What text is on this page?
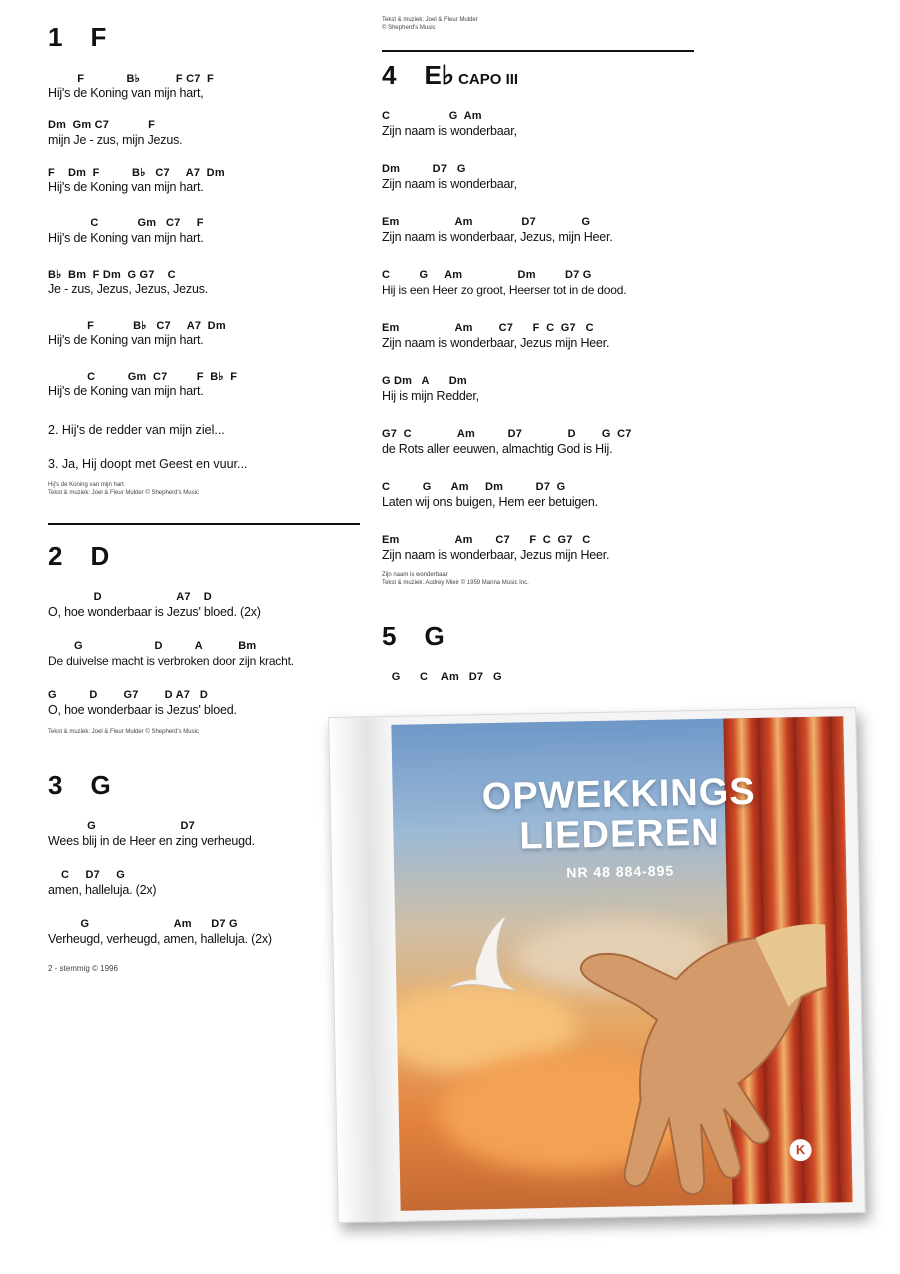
1 F
F             B♭           F C7  F
Hij's de Koning van mijn hart,
Dm  Gm C7            F
mijn Je - zus, mijn Jezus.
F    Dm  F          B♭   C7     A7  Dm
Hij's de Koning van mijn hart.
C            Gm   C7     F
Hij's de Koning van mijn hart.
B♭  Bm  F Dm  G G7    C
Je - zus, Jezus, Jezus, Jezus.
F            B♭   C7     A7  Dm
Hij's de Koning van mijn hart.
C          Gm  C7         F  B♭  F
Hij's de Koning van mijn hart.
2. Hij's de redder van mijn ziel...
3. Ja, Hij doopt met Geest en vuur...
Hij's de Koning van mijn hart
Tekst & muziek: Joel & Fleur Mulder © Shepherd's Music
2 D
D                       A7    D
O, hoe wonderbaar is Jezus' bloed. (2x)
G                      D          A           Bm
De duivelse macht is verbroken door zijn kracht.
G          D        G7        D A7   D
O, hoe wonderbaar is Jezus' bloed.
Tekst & muziek: Joel & Fleur Mulder © Shepherd's Music
3 G
G                          D7
Wees blij in de Heer en zing verheugd.
C     D7     G
amen, halleluja. (2x)
G                          Am      D7 G
Verheugd, verheugd, amen, halleluja. (2x)
2 - stemmig © 1996
Tekst & muziek: Joel & Fleur Mulder
© Shepherd's Music
4 E♭ CAPO III
C                  G  Am
Zijn naam is wonderbaar,
Dm          D7   G
Zijn naam is wonderbaar,
Em                 Am               D7              G
Zijn naam is wonderbaar, Jezus, mijn Heer.
C         G     Am                 Dm         D7 G
Hij is een Heer zo groot, Heerser tot in de dood.
Em                 Am        C7      F  C  G7   C
Zijn naam is wonderbaar, Jezus mijn Heer.
G Dm   A      Dm
Hij is mijn Redder,
G7  C              Am          D7              D        G  C7
de Rots aller eeuwen, almachtig God is Hij.
C          G      Am     Dm          D7  G
Laten wij ons buigen, Hem eer betuigen.
Em                 Am       C7      F  C  G7   C
Zijn naam is wonderbaar, Jezus mijn Heer.
Zijn naam is wonderbaar
Tekst & muziek: Audrey Mieir © 1959 Manna Music Inc.
5 G
G      C    Am   D7   G
OPWEKKINGS
LIEDEREN
NR 48 884-895
K
